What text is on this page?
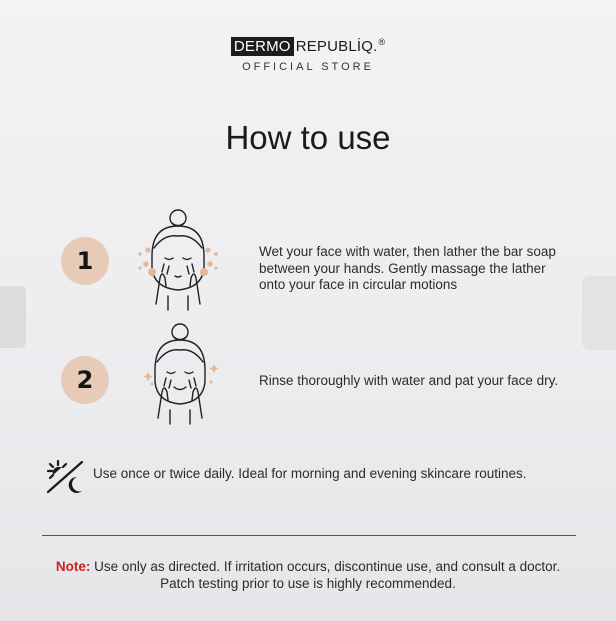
DERMO REPUBLİQ. ®
OFFICIAL STORE
How to use
1	Wet your face with water, then lather the bar soap
between your hands. Gently massage the lather
onto your face in circular motions
2	Rinse thoroughly with water and pat your face dry.
Use once or twice daily. Ideal for morning and evening skincare routines.
Note: Use only as directed. If irritation occurs, discontinue use, and consult a doctor.
Patch testing prior to use is highly recommended.
